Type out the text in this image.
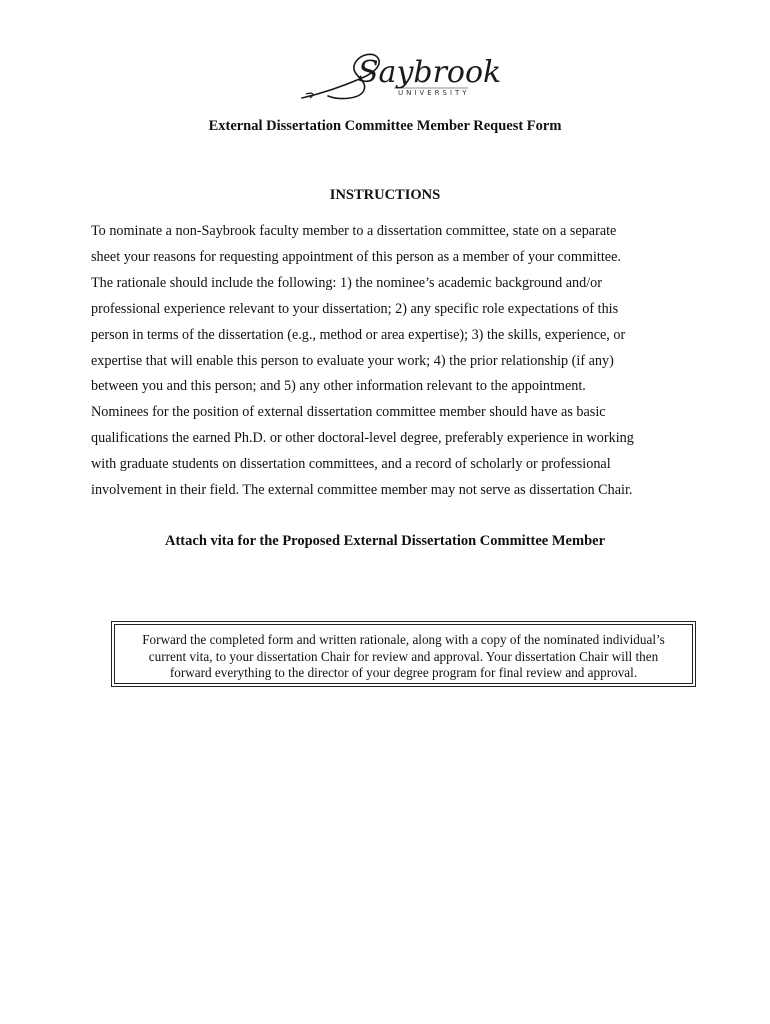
Saybrook
UNIVERSITY
External Dissertation Committee Member Request Form
INSTRUCTIONS

To nominate a non-Saybrook faculty member to a dissertation committee, state on a separate
sheet your reasons for requesting appointment of this person as a member of your committee.
The rationale should include the following: 1) the nominee’s academic background and/or
professional experience relevant to your dissertation; 2) any specific role expectations of this
person in terms of the dissertation (e.g., method or area expertise); 3) the skills, experience, or
expertise that will enable this person to evaluate your work; 4) the prior relationship (if any)
between you and this person; and 5) any other information relevant to the appointment.
Nominees for the position of external dissertation committee member should have as basic
qualifications the earned Ph.D. or other doctoral-level degree, preferably experience in working
with graduate students on dissertation committees, and a record of scholarly or professional
involvement in their field. The external committee member may not serve as dissertation Chair.

Attach vita for the Proposed External Dissertation Committee Member

Forward the completed form and written rationale, along with a copy of the nominated individual’s
current vita, to your dissertation Chair for review and approval. Your dissertation Chair will then
forward everything to the director of your degree program for final review and approval.
